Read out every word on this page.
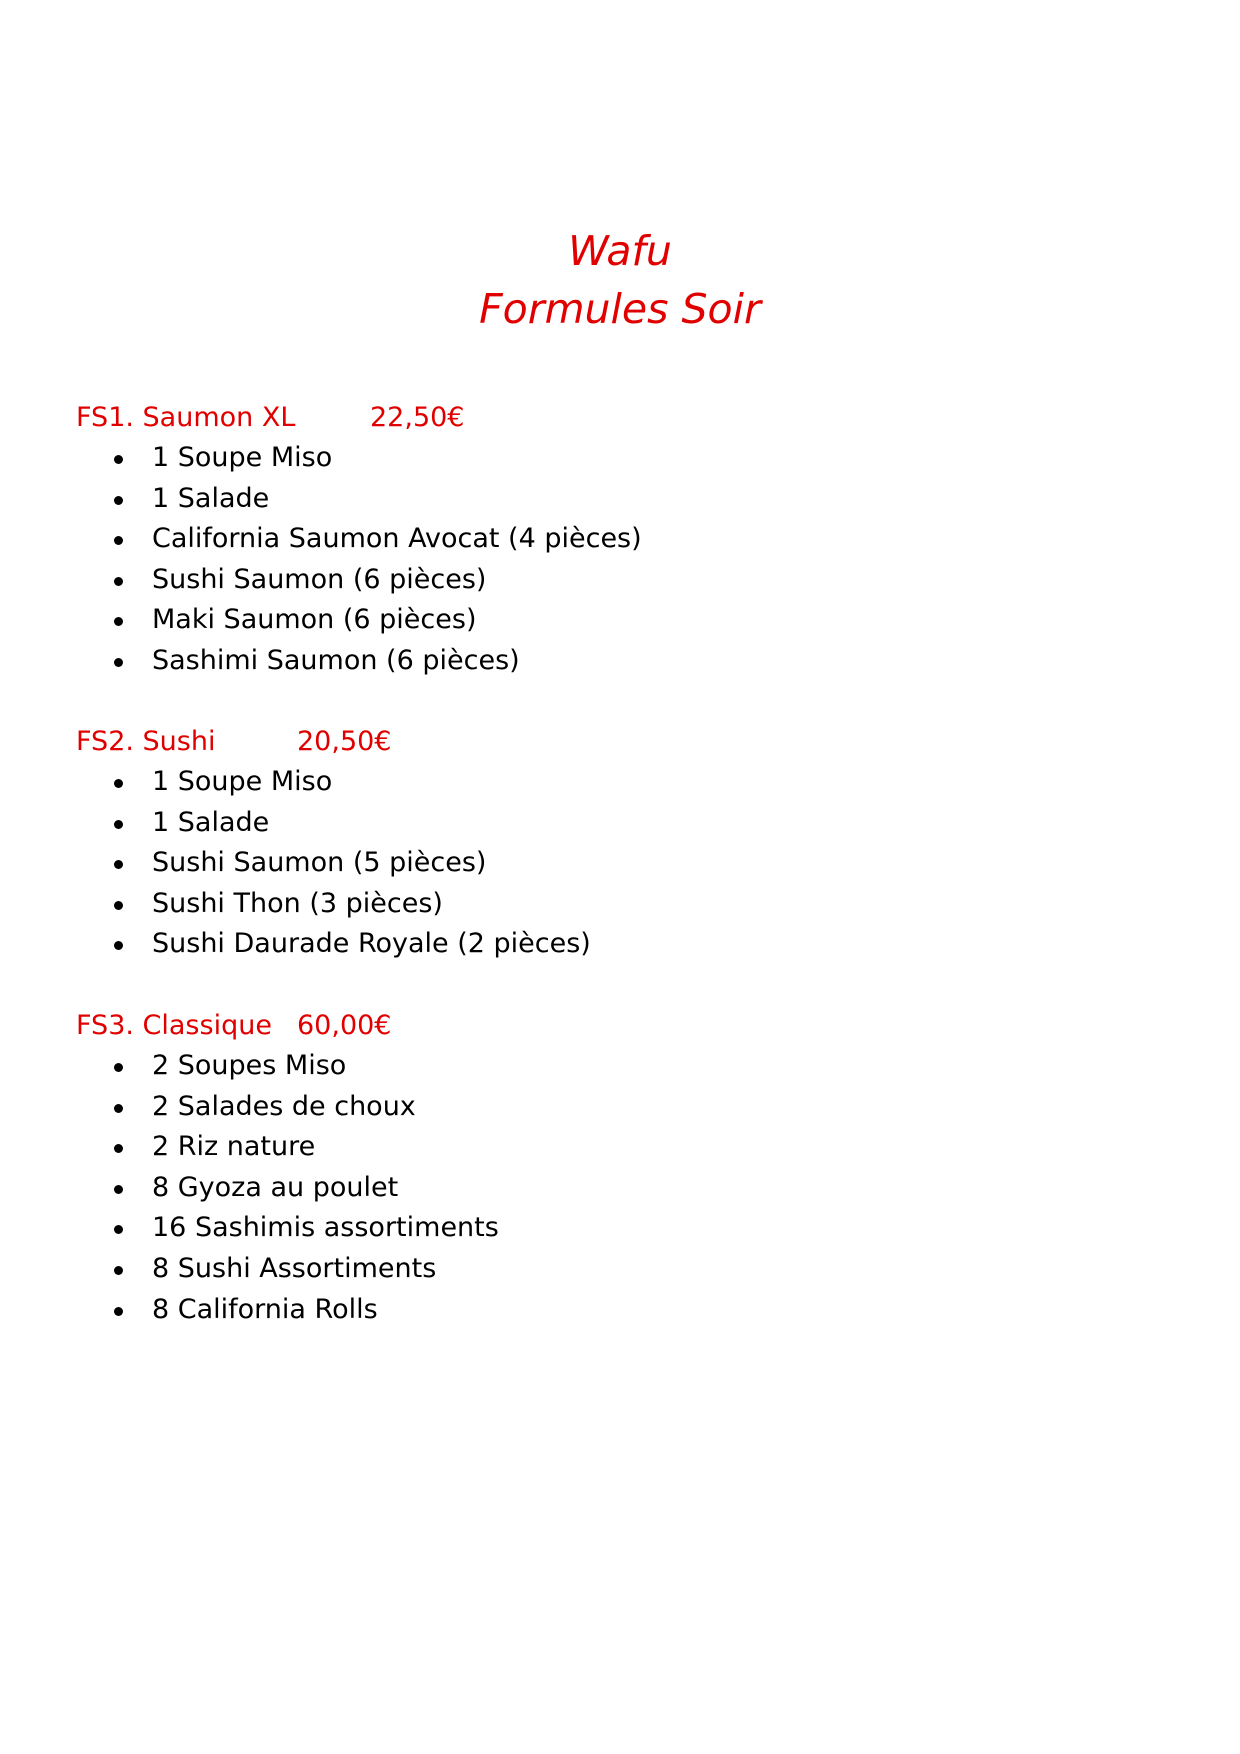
Wafu
Formules Soir
FS1. Saumon XL	22,50€
1 Soupe Miso
1 Salade
California Saumon Avocat (4 pièces)
Sushi Saumon (6 pièces)
Maki Saumon (6 pièces)
Sashimi Saumon (6 pièces)
FS2. Sushi	20,50€
1 Soupe Miso
1 Salade
Sushi Saumon (5 pièces)
Sushi Thon (3 pièces)
Sushi Daurade Royale (2 pièces)
FS3. Classique 60,00€
2 Soupes Miso
2 Salades de choux
2 Riz nature
8 Gyoza au poulet
16 Sashimis assortiments
8 Sushi Assortiments
8 California Rolls
